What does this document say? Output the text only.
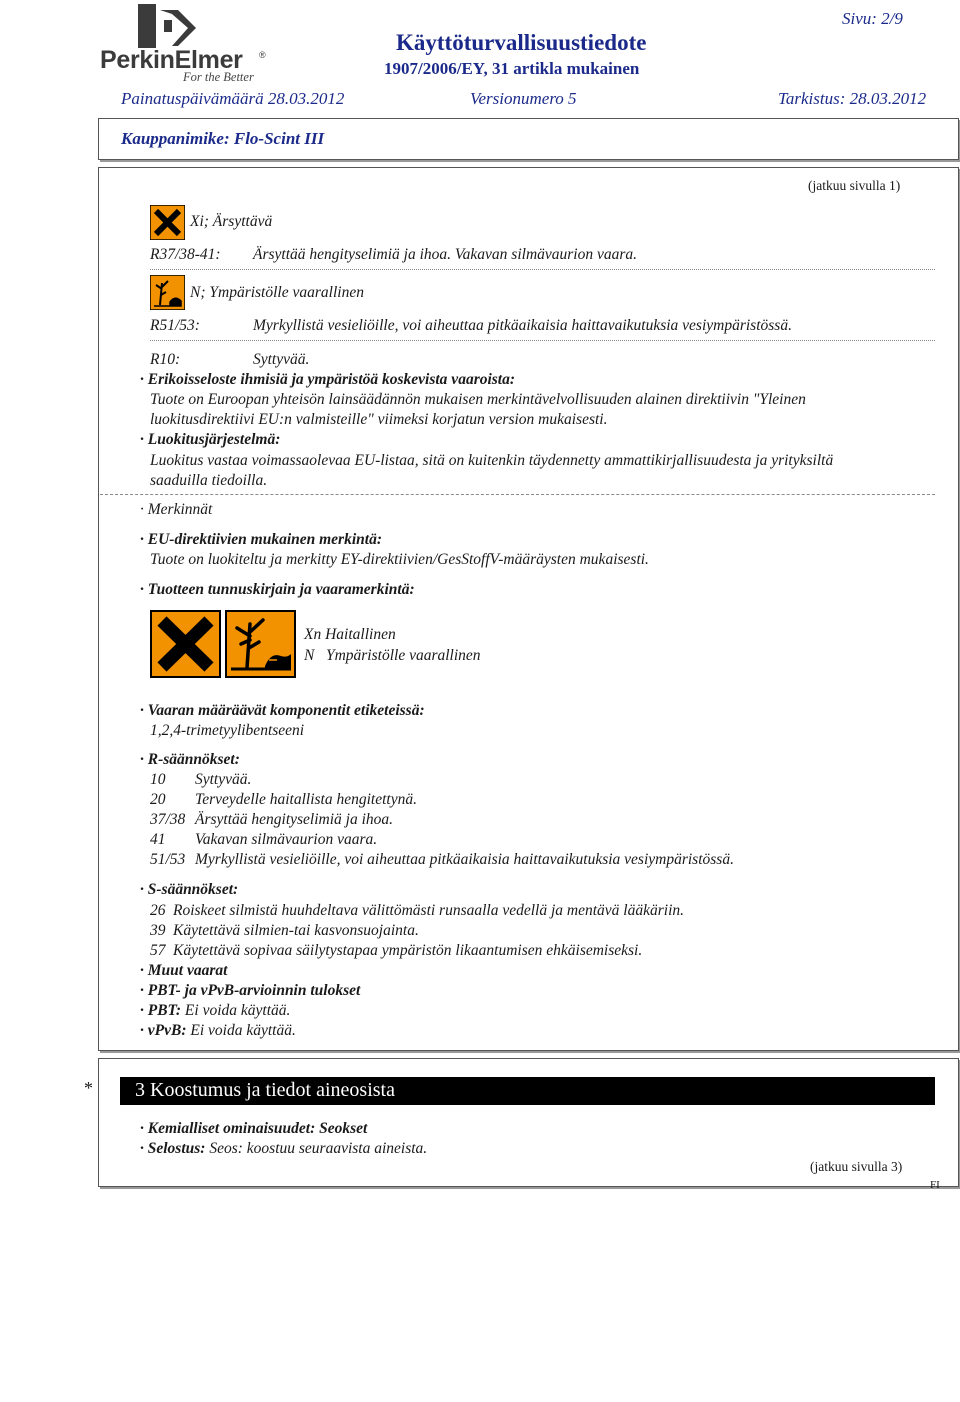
PerkinElmer ®
For the Better
Käyttöturvallisuustiedote
1907/2006/EY, 31 artikla mukainen
Sivu: 2/9
Painatuspäivämäärä 28.03.2012	Versionumero 5	Tarkistus: 28.03.2012
Kauppanimike: Flo-Scint III
(jatkuu sivulla 1)
Xi; Ärsyttävä
R37/38-41: Ärsyttää hengityselimiä ja ihoa. Vakavan silmävaurion vaara.
N; Ympäristölle vaarallinen
R51/53:	Myrkyllistä vesieliöille, voi aiheuttaa pitkäaikaisia haittavaikutuksia vesiympäristössä.
R10:	Syttyvää.
· Erikoisseloste ihmisiä ja ympäristöä koskevista vaaroista:
Tuote on Euroopan yhteisön lainsäädännön mukaisen merkintävelvollisuuden alainen direktiivin "Yleinen
luokitusdirektiivi EU:n valmisteille" viimeksi korjatun version mukaisesti.
· Luokitusjärjestelmä:
Luokitus vastaa voimassaolevaa EU-listaa, sitä on kuitenkin täydennetty ammattikirjallisuudesta ja yrityksiltä
saaduilla tiedoilla.
· Merkinnät
· EU-direktiivien mukainen merkintä:
Tuote on luokiteltu ja merkitty EY-direktiivien/GesStoffV-määräysten mukaisesti.
· Tuotteen tunnuskirjain ja vaaramerkintä:
Xn Haitallinen
N   Ympäristölle vaarallinen
· Vaaran määräävät komponentit etiketeissä:
1,2,4-trimetyylibentseeni
· R-säännökset:
10 Syttyvää.
20 Terveydelle haitallista hengitettynä.
37/38 Ärsyttää hengityselimiä ja ihoa.
41 Vakavan silmävaurion vaara.
51/53 Myrkyllistä vesieliöille, voi aiheuttaa pitkäaikaisia haittavaikutuksia vesiympäristössä.
· S-säännökset:
26 Roiskeet silmistä huuhdeltava välittömästi runsaalla vedellä ja mentävä lääkäriin.
39 Käytettävä silmien-tai kasvonsuojainta.
57 Käytettävä sopivaa säilytystapaa ympäristön likaantumisen ehkäisemiseksi.
· Muut vaarat
· PBT- ja vPvB-arvioinnin tulokset
· PBT: Ei voida käyttää.
· vPvB: Ei voida käyttää.
* 3 Koostumus ja tiedot aineosista
· Kemialliset ominaisuudet: Seokset
· Selostus: Seos: koostuu seuraavista aineista.
(jatkuu sivulla 3)
FI
